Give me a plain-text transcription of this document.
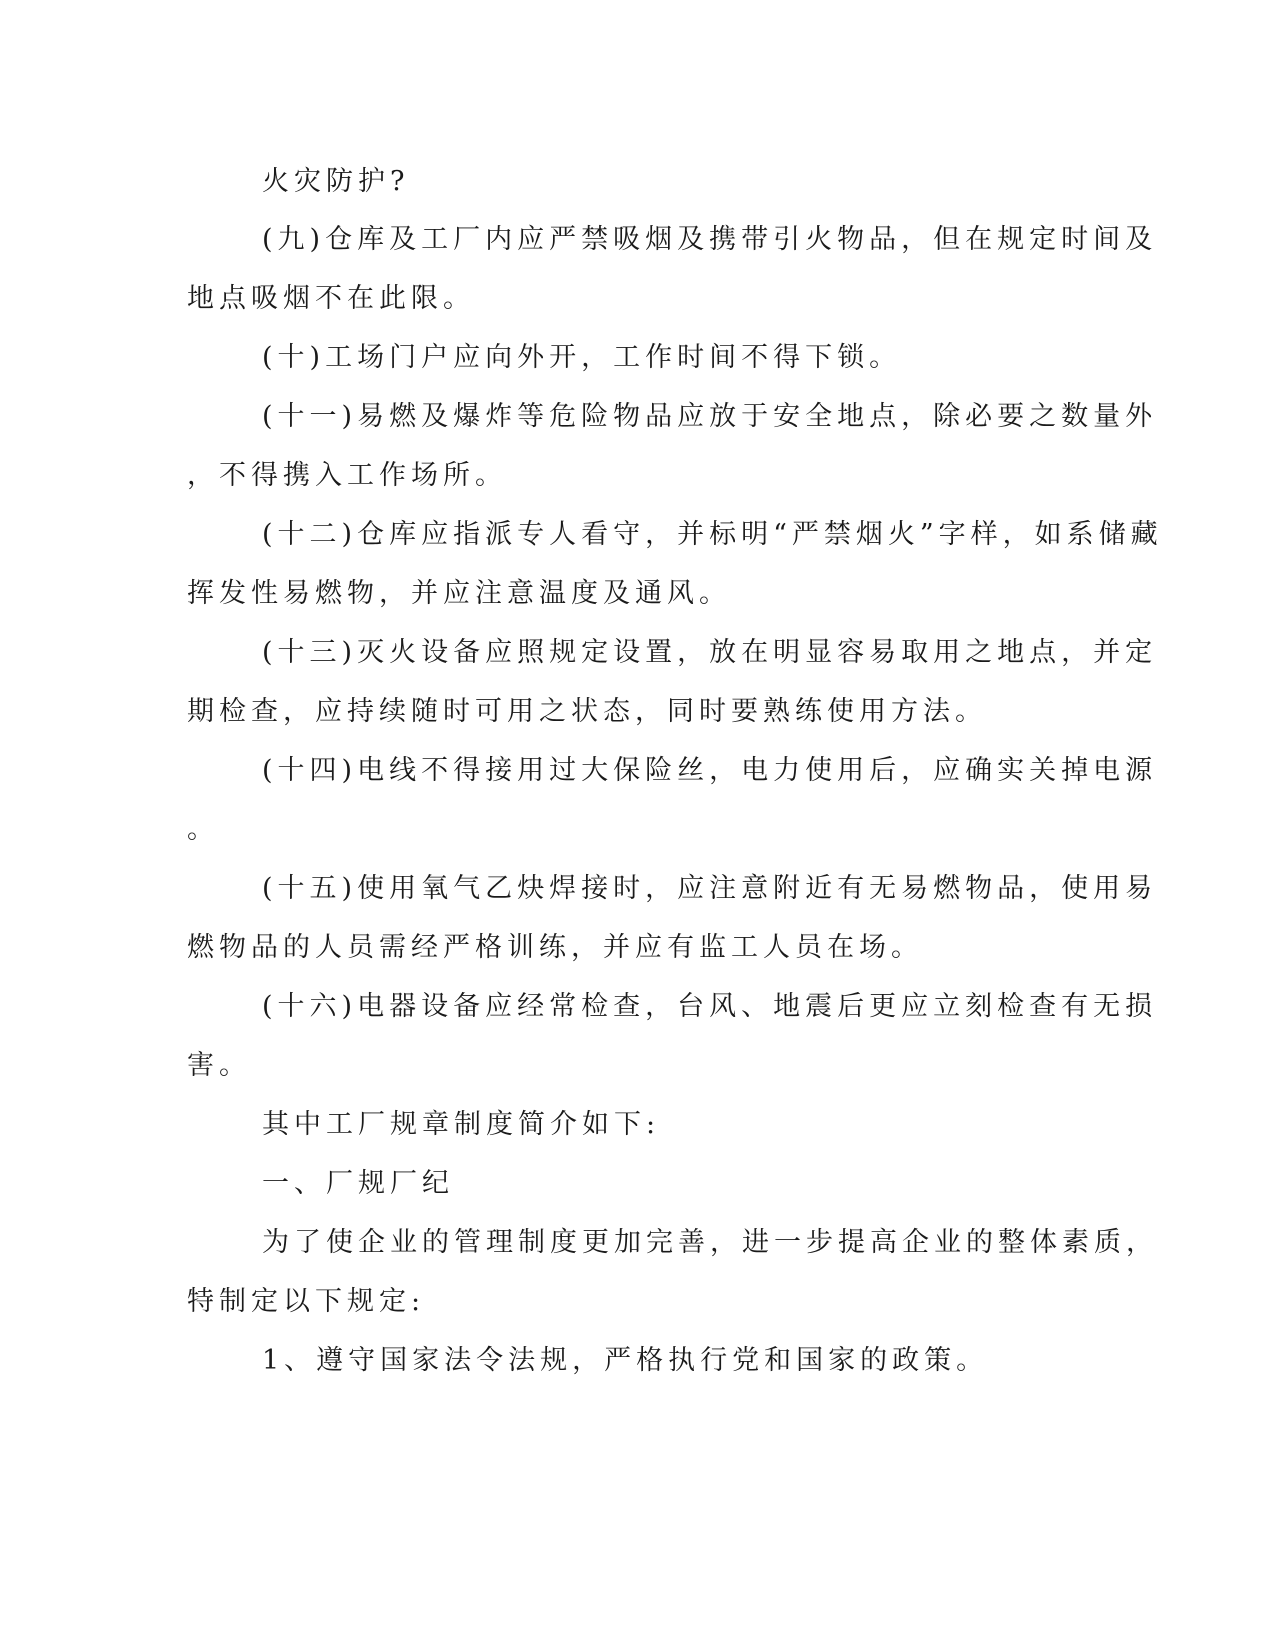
火灾防护?
(九)仓库及工厂内应严禁吸烟及携带引火物品，但在规定时间及
地点吸烟不在此限。
(十)工场门户应向外开，工作时间不得下锁。
(十一)易燃及爆炸等危险物品应放于安全地点，除必要之数量外
，不得携入工作场所。
(十二)仓库应指派专人看守，并标明“严禁烟火”字样，如系储藏
挥发性易燃物，并应注意温度及通风。
(十三)灭火设备应照规定设置，放在明显容易取用之地点，并定
期检查，应持续随时可用之状态，同时要熟练使用方法。
(十四)电线不得接用过大保险丝，电力使用后，应确实关掉电源
。
(十五)使用氧气乙炔焊接时，应注意附近有无易燃物品，使用易
燃物品的人员需经严格训练，并应有监工人员在场。
(十六)电器设备应经常检查，台风、地震后更应立刻检查有无损
害。
其中工厂规章制度简介如下:
一、厂规厂纪
为了使企业的管理制度更加完善，进一步提高企业的整体素质，
特制定以下规定:
1、遵守国家法令法规，严格执行党和国家的政策。
